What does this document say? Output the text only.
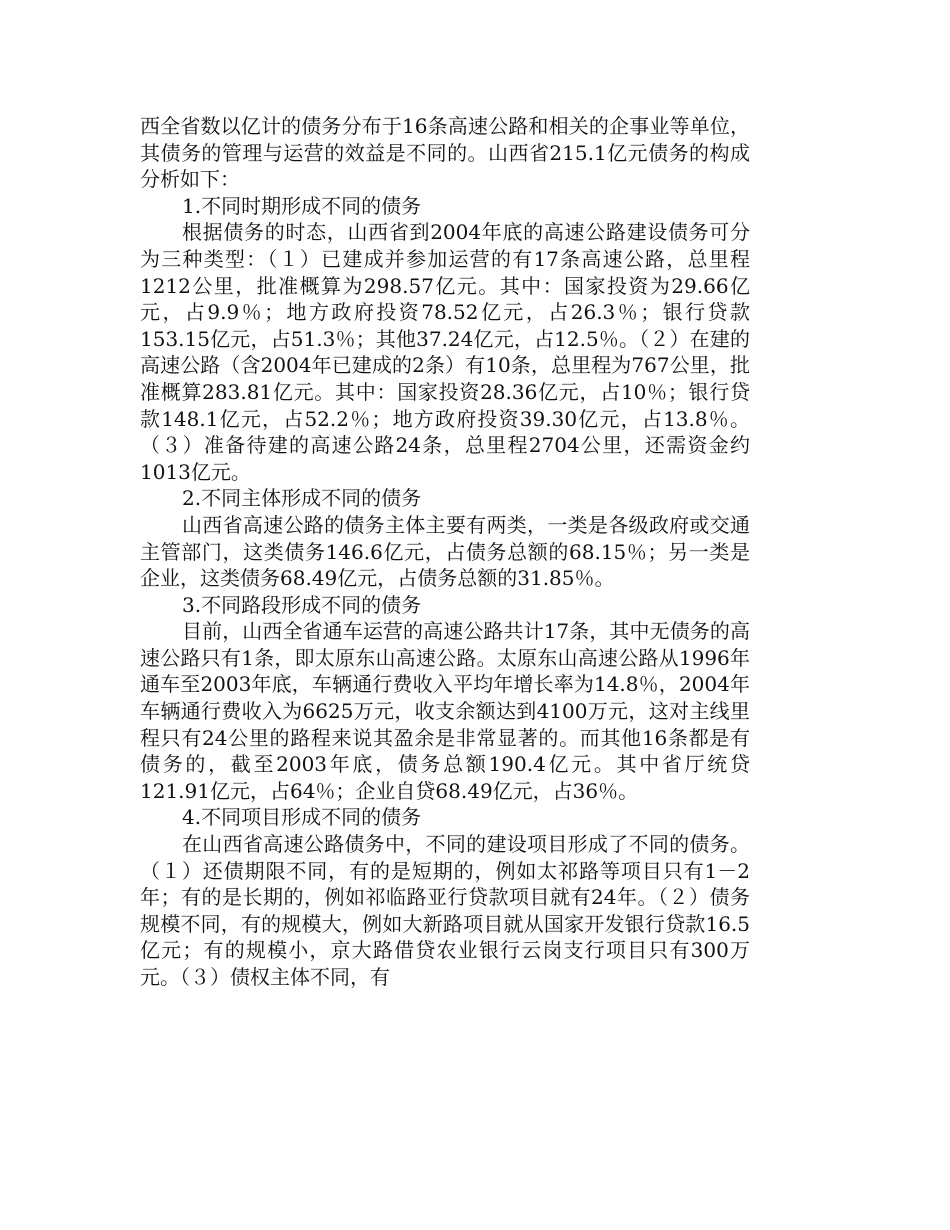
西全省数以亿计的债务分布于16条高速公路和相关的企事业等单位，其债务的管理与运营的效益是不同的。山西省215.1亿元债务的构成分析如下：

1.不同时期形成不同的债务

根据债务的时态，山西省到2004年底的高速公路建设债务可分为三种类型：（１）已建成并参加运营的有17条高速公路，总里程1212公里，批准概算为298.57亿元。其中：国家投资为29.66亿元，占9.9％；地方政府投资78.52亿元，占26.3％；银行贷款153.15亿元，占51.3％；其他37.24亿元，占12.5％。（２）在建的高速公路（含2004年已建成的2条）有10条，总里程为767公里，批准概算283.81亿元。其中：国家投资28.36亿元，占10％；银行贷款148.1亿元，占52.2％；地方政府投资39.30亿元，占13.8％。（３）准备待建的高速公路24条，总里程2704公里，还需资金约1013亿元。

2.不同主体形成不同的债务

山西省高速公路的债务主体主要有两类，一类是各级政府或交通主管部门，这类债务146.6亿元，占债务总额的68.15％；另一类是企业，这类债务68.49亿元，占债务总额的31.85％。

3.不同路段形成不同的债务

目前，山西全省通车运营的高速公路共计17条，其中无债务的高速公路只有1条，即太原东山高速公路。太原东山高速公路从1996年通车至2003年底，车辆通行费收入平均年增长率为14.8％，2004年车辆通行费收入为6625万元，收支余额达到4100万元，这对主线里程只有24公里的路程来说其盈余是非常显著的。而其他16条都是有债务的，截至2003年底，债务总额190.4亿元。其中省厅统贷121.91亿元，占64％；企业自贷68.49亿元，占36％。

4.不同项目形成不同的债务

在山西省高速公路债务中，不同的建设项目形成了不同的债务。（１）还债期限不同，有的是短期的，例如太祁路等项目只有1－2年；有的是长期的，例如祁临路亚行贷款项目就有24年。（２）债务规模不同，有的规模大，例如大新路项目就从国家开发银行贷款16.5亿元；有的规模小，京大路借贷农业银行云岗支行项目只有300万元。（３）债权主体不同，有
